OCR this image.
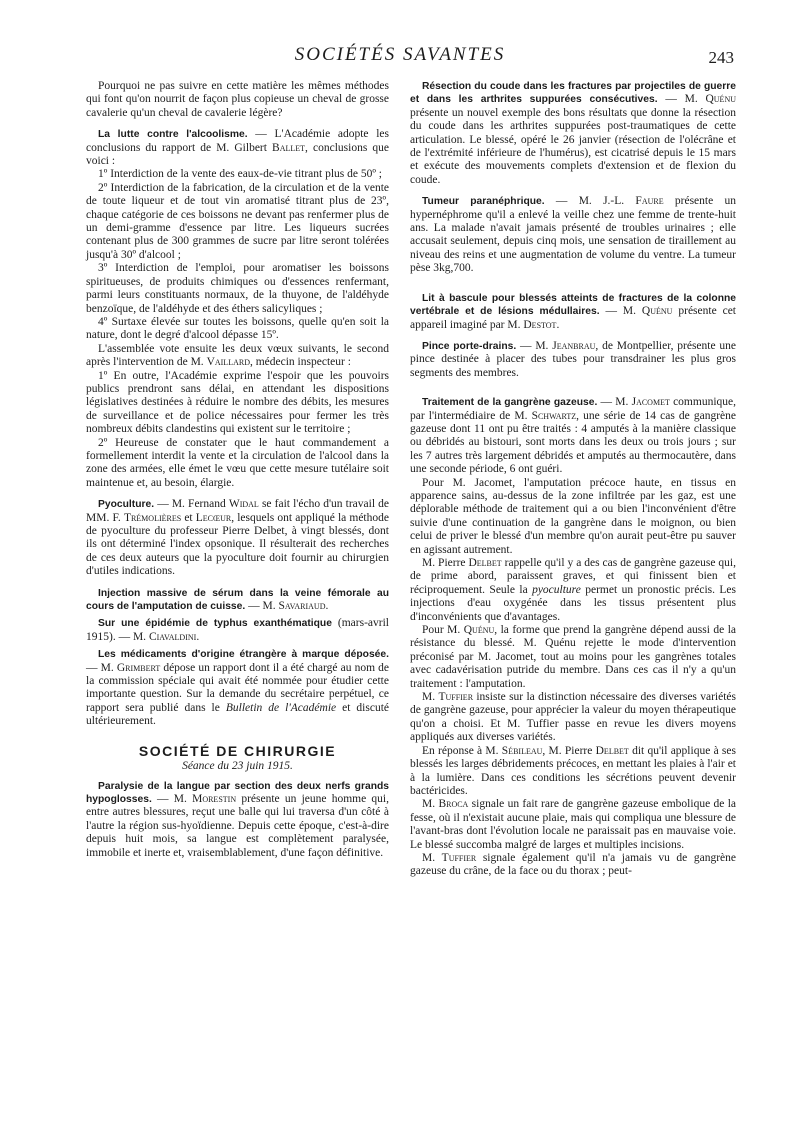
SOCIÉTÉS SAVANTES	243

Pourquoi ne pas suivre en cette matière les mêmes méthodes qui font qu'on nourrit de façon plus copieuse un cheval de grosse cavalerie qu'un cheval de cavalerie légère?

La lutte contre l'alcoolisme. — L'Académie adopte les conclusions du rapport de M. Gilbert Ballet, conclusions que voici :

1º Interdiction de la vente des eaux-de-vie titrant plus de 50º ;

2º Interdiction de la fabrication, de la circulation et de la vente de toute liqueur et de tout vin aromatisé titrant plus de 23º, chaque catégorie de ces boissons ne devant pas renfermer plus de un demi-gramme d'essence par litre. Les liqueurs sucrées contenant plus de 300 grammes de sucre par litre seront tolérées jusqu'à 30º d'alcool ;

3º Interdiction de l'emploi, pour aromatiser les boissons spiritueuses, de produits chimiques ou d'essences renfermant, parmi leurs constituants normaux, de la thuyone, de l'aldéhyde benzoïque, de l'aldéhyde et des éthers salicyliques ;

4º Surtaxe élevée sur toutes les boissons, quelle qu'en soit la nature, dont le degré d'alcool dépasse 15º.

L'assemblée vote ensuite les deux vœux suivants, le second après l'intervention de M. Vaillard, médecin inspecteur :

1º En outre, l'Académie exprime l'espoir que les pouvoirs publics prendront sans délai, en attendant les dispositions législatives destinées à réduire le nombre des débits, les mesures de surveillance et de police nécessaires pour fermer les très nombreux débits clandestins qui existent sur le territoire ;

2º Heureuse de constater que le haut commandement a formellement interdit la vente et la circulation de l'alcool dans la zone des armées, elle émet le vœu que cette mesure tutélaire soit maintenue et, au besoin, élargie.

Pyoculture. — M. Fernand Widal se fait l'écho d'un travail de MM. F. Trémolières et Lecœur, lesquels ont appliqué la méthode de pyoculture du professeur Pierre Delbet, à vingt blessés, dont ils ont déterminé l'index opsonique. Il résulterait des recherches de ces deux auteurs que la pyoculture doit fournir au chirurgien d'utiles indications.

Injection massive de sérum dans la veine fémorale au cours de l'amputation de cuisse. — M. Savariaud.

Sur une épidémie de typhus exanthématique (mars-avril 1915). — M. Ciavaldini.

Les médicaments d'origine étrangère à marque déposée. — M. Grimbert dépose un rapport dont il a été chargé au nom de la commission spéciale qui avait été nommée pour étudier cette importante question. Sur la demande du secrétaire perpétuel, ce rapport sera publié dans le Bulletin de l'Académie et discuté ultérieurement.

SOCIÉTÉ DE CHIRURGIE

Séance du 23 juin 1915.

Paralysie de la langue par section des deux nerfs grands hypoglosses. — M. Morestin présente un jeune homme qui, entre autres blessures, reçut une balle qui lui traversa d'un côté à l'autre la région sus-hyoïdienne. Depuis cette époque, c'est-à-dire depuis huit mois, sa langue est complètement paralysée, immobile et inerte et, vraisemblablement, d'une façon définitive.

Résection du coude dans les fractures par projectiles de guerre et dans les arthrites suppurées consécutives. — M. Quénu présente un nouvel exemple des bons résultats que donne la résection du coude dans les arthrites suppurées post-traumatiques de cette articulation. Le blessé, opéré le 26 janvier (résection de l'olécrâne et de l'extrémité inférieure de l'humérus), est cicatrisé depuis le 15 mars et exécute des mouvements complets d'extension et de flexion du coude.

Tumeur paranéphrique. — M. J.-L. Faure présente un hypernéphrome qu'il a enlevé la veille chez une femme de trente-huit ans. La malade n'avait jamais présenté de troubles urinaires ; elle accusait seulement, depuis cinq mois, une sensation de tiraillement au niveau des reins et une augmentation de volume du ventre. La tumeur pèse 3kg,700.

Lit à bascule pour blessés atteints de fractures de la colonne vertébrale et de lésions médullaires. — M. Quénu présente cet appareil imaginé par M. Destot.

Pince porte-drains. — M. Jeanbrau, de Montpellier, présente une pince destinée à placer des tubes pour transdrainer les plus gros segments des membres.

Traitement de la gangrène gazeuse. — M. Jacomet communique, par l'intermédiaire de M. Schwartz, une série de 14 cas de gangrène gazeuse dont 11 ont pu être traités : 4 amputés à la manière classique ou débridés au bistouri, sont morts dans les deux ou trois jours ; sur les 7 autres très largement débridés et amputés au thermocautère, dans une seconde période, 6 ont guéri.

Pour M. Jacomet, l'amputation précoce haute, en tissus en apparence sains, au-dessus de la zone infiltrée par les gaz, est une déplorable méthode de traitement qui a ou bien l'inconvénient d'être suivie d'une continuation de la gangrène dans le moignon, ou bien celui de priver le blessé d'un membre qu'on aurait peut-être pu sauver en agissant autrement.

M. Pierre Delbet rappelle qu'il y a des cas de gangrène gazeuse qui, de prime abord, paraissent graves, et qui finissent bien et réciproquement. Seule la pyoculture permet un pronostic précis. Les injections d'eau oxygénée dans les tissus présentent plus d'inconvénients que d'avantages.

Pour M. Quénu, la forme que prend la gangrène dépend aussi de la résistance du blessé. M. Quénu rejette le mode d'intervention préconisé par M. Jacomet, tout au moins pour les gangrènes totales avec cadavérisation putride du membre. Dans ces cas il n'y a qu'un traitement : l'amputation.

M. Tuffier insiste sur la distinction nécessaire des diverses variétés de gangrène gazeuse, pour apprécier la valeur du moyen thérapeutique qu'on a choisi. Et M. Tuffier passe en revue les divers moyens appliqués aux diverses variétés.

En réponse à M. Sébileau, M. Pierre Delbet dit qu'il applique à ses blessés les larges débridements précoces, en mettant les plaies à l'air et à la lumière. Dans ces conditions les sécrétions peuvent devenir bactéricides.

M. Broca signale un fait rare de gangrène gazeuse embolique de la fesse, où il n'existait aucune plaie, mais qui compliqua une blessure de l'avant-bras dont l'évolution locale ne paraissait pas en mauvaise voie. Le blessé succomba malgré de larges et multiples incisions.

M. Tuffier signale également qu'il n'a jamais vu de gangrène gazeuse du crâne, de la face ou du thorax ; peut-
